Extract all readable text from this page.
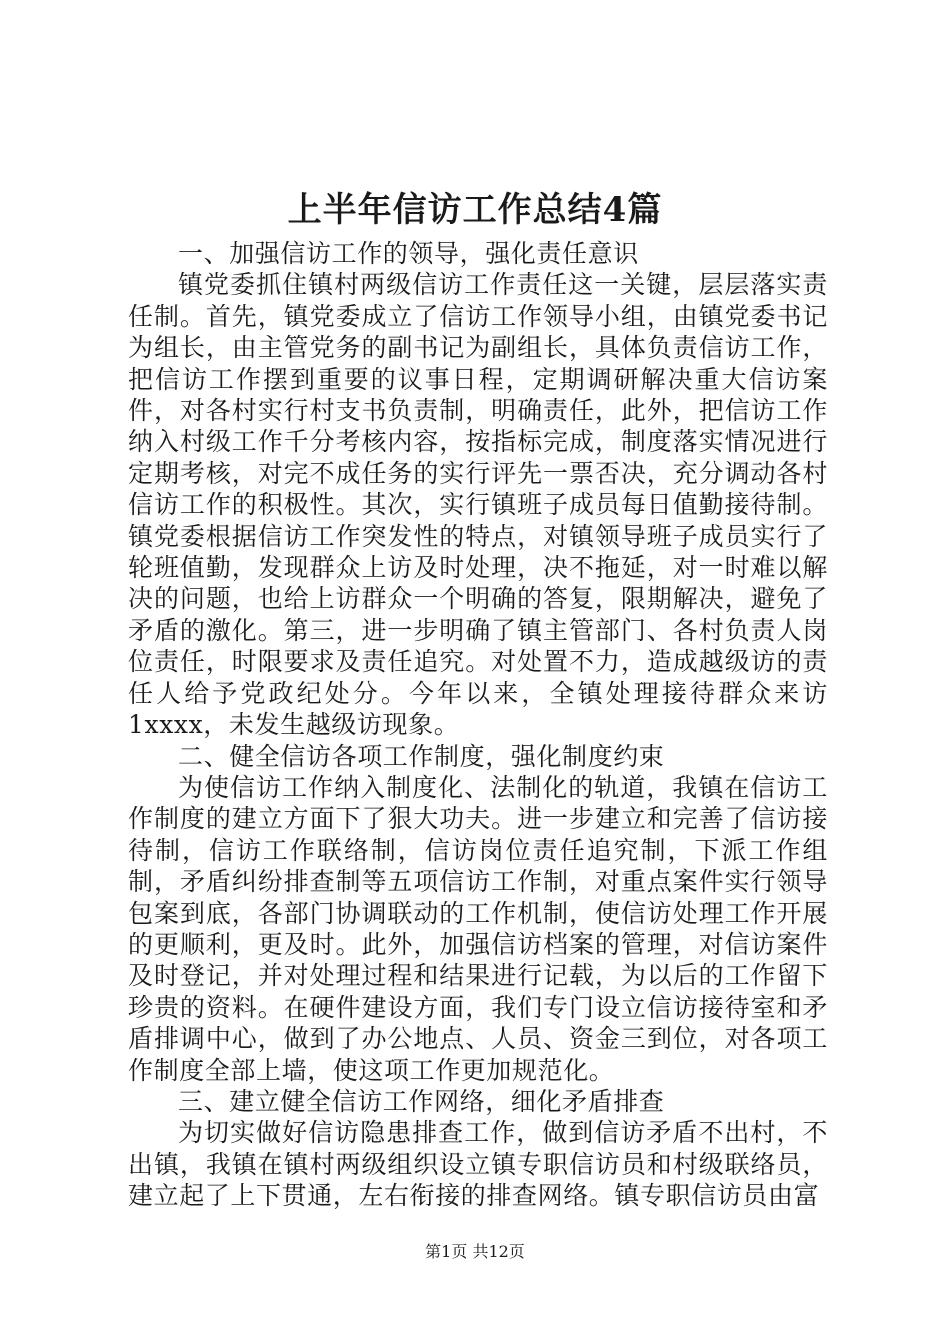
上半年信访工作总结4篇

一、加强信访工作的领导，强化责任意识

镇党委抓住镇村两级信访工作责任这一关键，层层落实责任制。首先，镇党委成立了信访工作领导小组，由镇党委书记为组长，由主管党务的副书记为副组长，具体负责信访工作，把信访工作摆到重要的议事日程，定期调研解决重大信访案件，对各村实行村支书负责制，明确责任，此外，把信访工作纳入村级工作千分考核内容，按指标完成，制度落实情况进行定期考核，对完不成任务的实行评先一票否决，充分调动各村信访工作的积极性。其次，实行镇班子成员每日值勤接待制。镇党委根据信访工作突发性的特点，对镇领导班子成员实行了轮班值勤，发现群众上访及时处理，决不拖延，对一时难以解决的问题，也给上访群众一个明确的答复，限期解决，避免了矛盾的激化。第三，进一步明确了镇主管部门、各村负责人岗位责任，时限要求及责任追究。对处置不力，造成越级访的责任人给予党政纪处分。今年以来，全镇处理接待群众来访1xxxx，未发生越级访现象。

二、健全信访各项工作制度，强化制度约束

为使信访工作纳入制度化、法制化的轨道，我镇在信访工作制度的建立方面下了狠大功夫。进一步建立和完善了信访接待制，信访工作联络制，信访岗位责任追究制，下派工作组制，矛盾纠纷排查制等五项信访工作制，对重点案件实行领导包案到底，各部门协调联动的工作机制，使信访处理工作开展的更顺利，更及时。此外，加强信访档案的管理，对信访案件及时登记，并对处理过程和结果进行记载，为以后的工作留下珍贵的资料。在硬件建设方面，我们专门设立信访接待室和矛盾排调中心，做到了办公地点、人员、资金三到位，对各项工作制度全部上墙，使这项工作更加规范化。

三、建立健全信访工作网络，细化矛盾排查

为切实做好信访隐患排查工作，做到信访矛盾不出村，不出镇，我镇在镇村两级组织设立镇专职信访员和村级联络员，建立起了上下贯通，左右衔接的排查网络。镇专职信访员由富

第1页 共12页
